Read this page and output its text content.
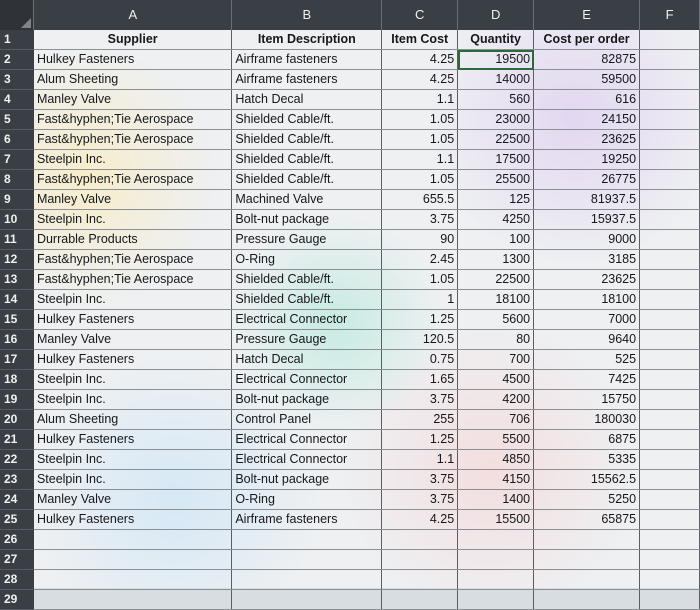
	A	B	C	D	E	F
1	Supplier	Item Description	Item Cost	Quantity	Cost per order	
2	Hulkey Fasteners	Airframe fasteners	4.25	19500	82875	
3	Alum Sheeting	Airframe fasteners	4.25	14000	59500	
4	Manley Valve	Hatch Decal	1.1	560	616	
5	Fast&hyphen;Tie Aerospace	Shielded Cable/ft.	1.05	23000	24150	
6	Fast&hyphen;Tie Aerospace	Shielded Cable/ft.	1.05	22500	23625	
7	Steelpin Inc.	Shielded Cable/ft.	1.1	17500	19250	
8	Fast&hyphen;Tie Aerospace	Shielded Cable/ft.	1.05	25500	26775	
9	Manley Valve	Machined Valve	655.5	125	81937.5	
10	Steelpin Inc.	Bolt-nut package	3.75	4250	15937.5	
11	Durrable Products	Pressure Gauge	90	100	9000	
12	Fast&hyphen;Tie Aerospace	O-Ring	2.45	1300	3185	
13	Fast&hyphen;Tie Aerospace	Shielded Cable/ft.	1.05	22500	23625	
14	Steelpin Inc.	Shielded Cable/ft.	1	18100	18100	
15	Hulkey Fasteners	Electrical Connector	1.25	5600	7000	
16	Manley Valve	Pressure Gauge	120.5	80	9640	
17	Hulkey Fasteners	Hatch Decal	0.75	700	525	
18	Steelpin Inc.	Electrical Connector	1.65	4500	7425	
19	Steelpin Inc.	Bolt-nut package	3.75	4200	15750	
20	Alum Sheeting	Control Panel	255	706	180030	
21	Hulkey Fasteners	Electrical Connector	1.25	5500	6875	
22	Steelpin Inc.	Electrical Connector	1.1	4850	5335	
23	Steelpin Inc.	Bolt-nut package	3.75	4150	15562.5	
24	Manley Valve	O-Ring	3.75	1400	5250	
25	Hulkey Fasteners	Airframe fasteners	4.25	15500	65875	
26						
27						
28						
29						
